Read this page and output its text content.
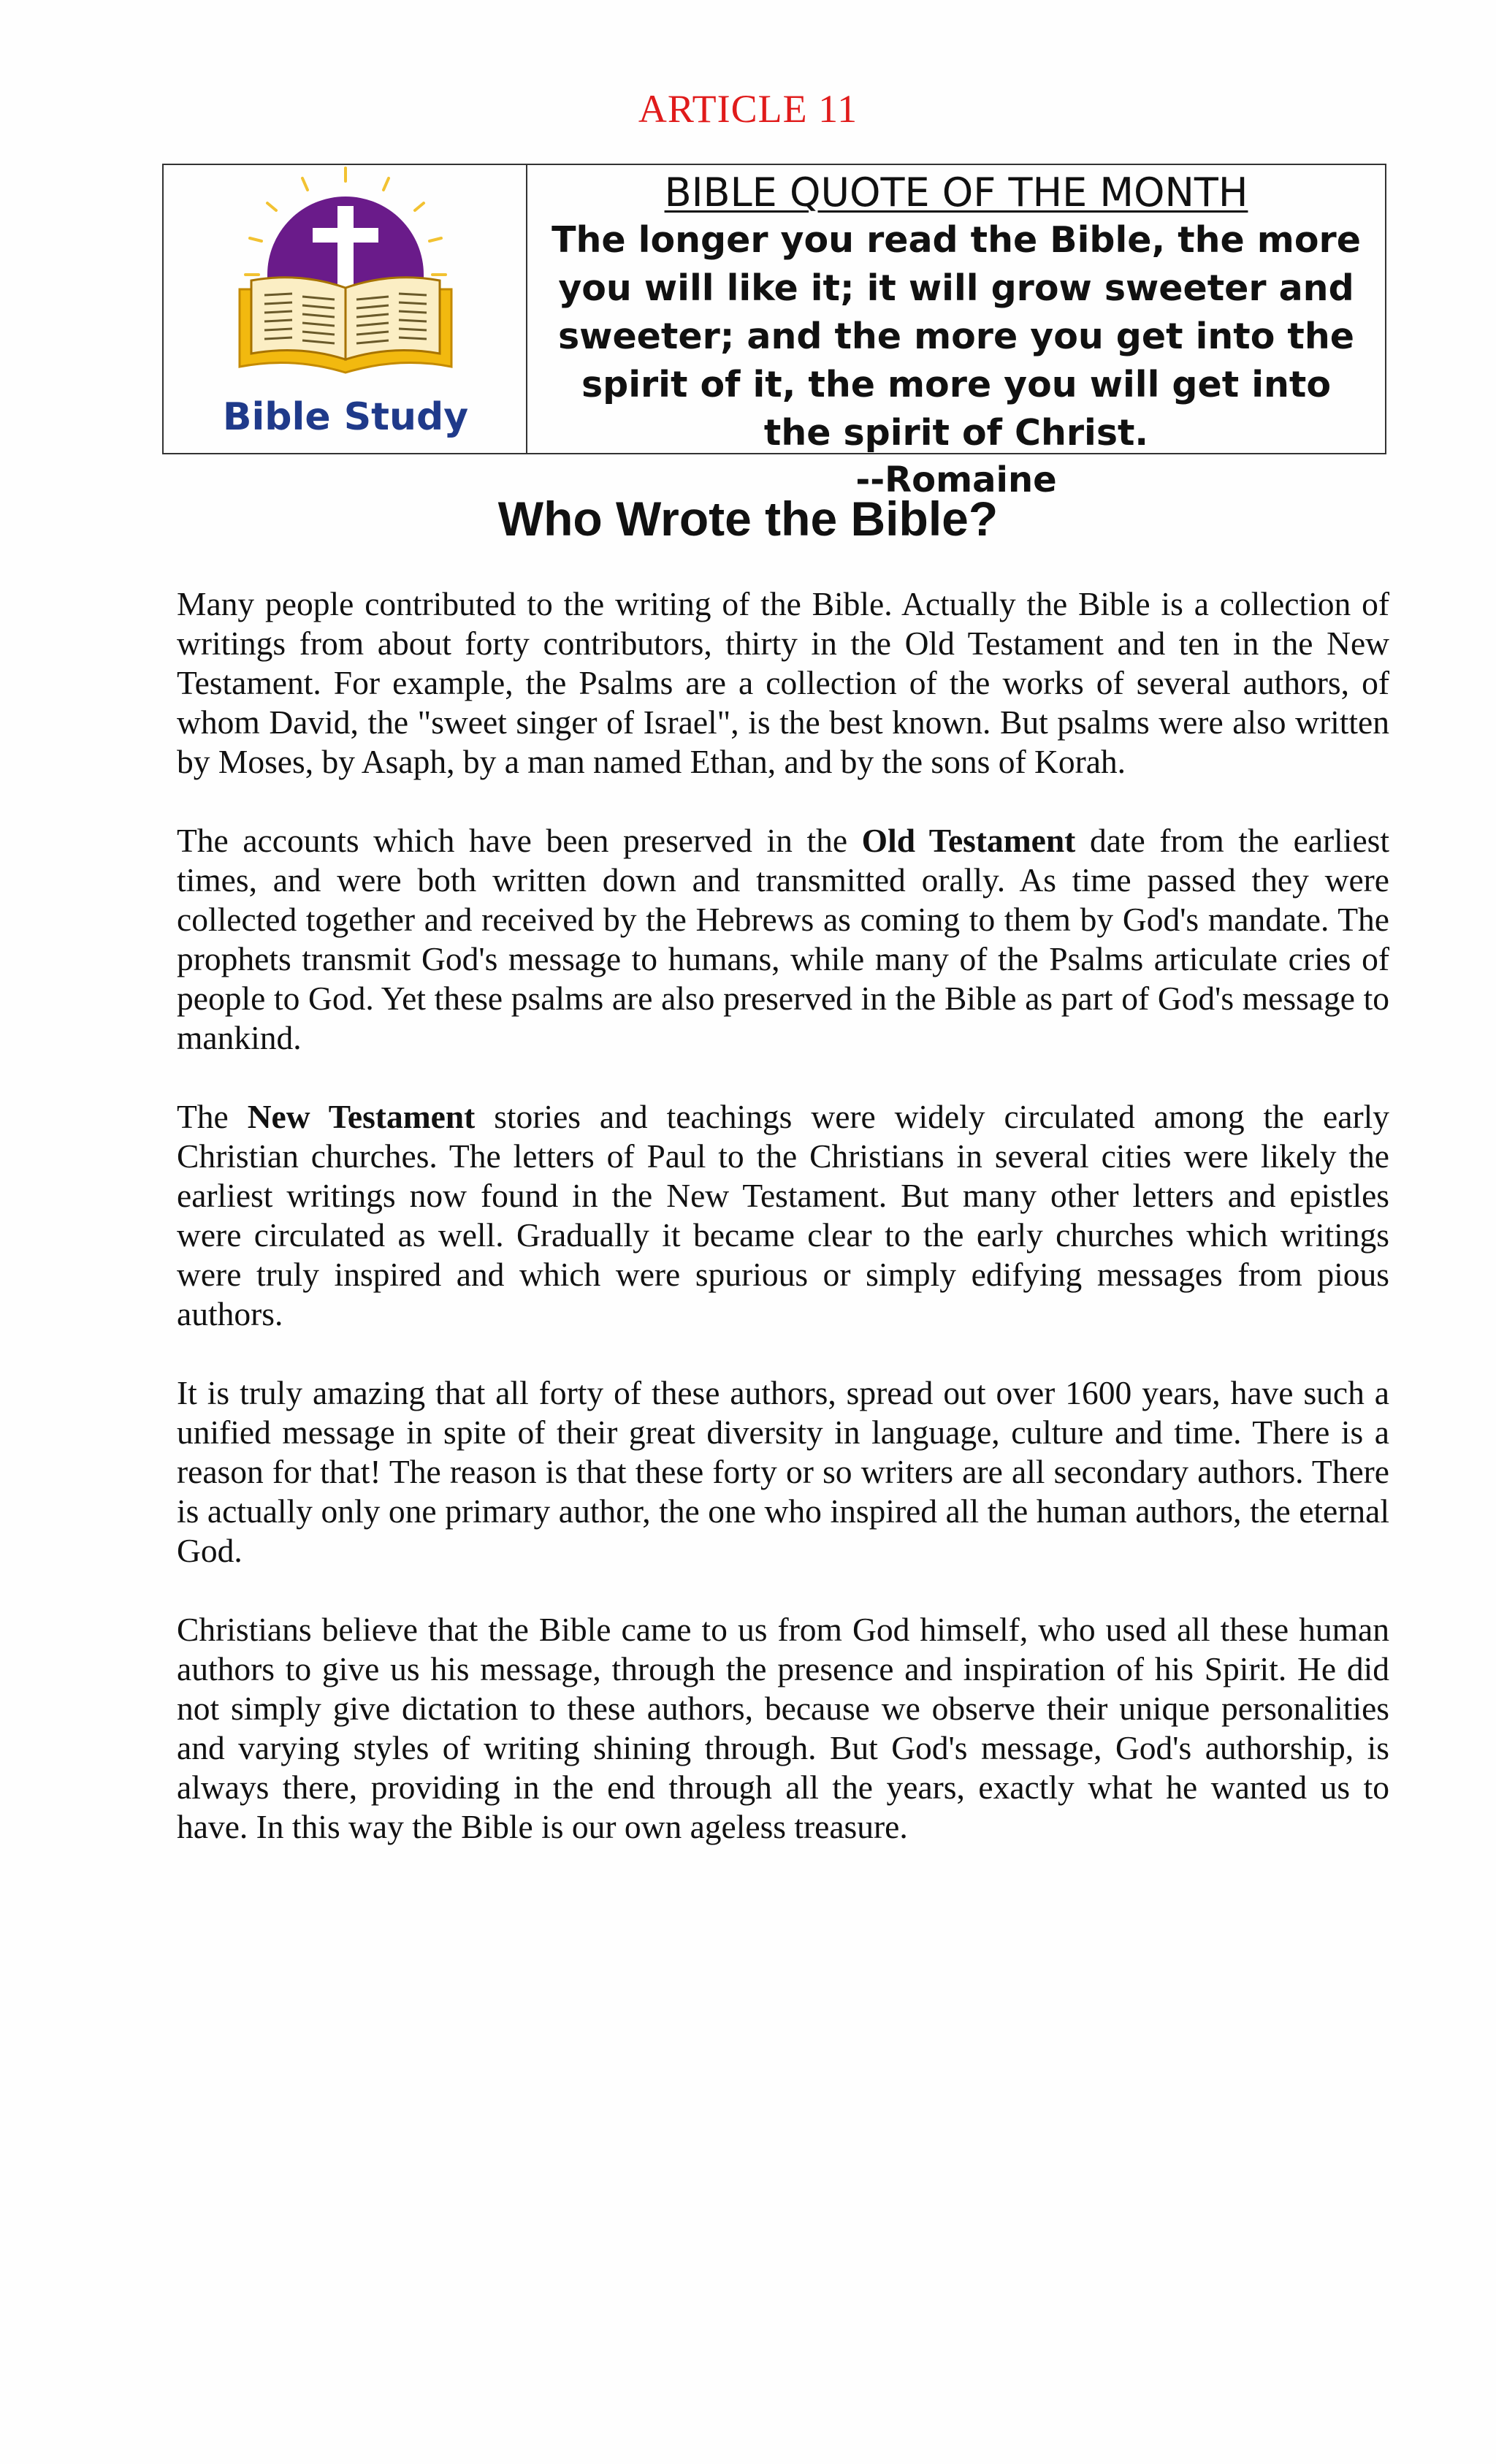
ARTICLE 11
Bible Study

BIBLE QUOTE OF THE MONTH

The longer you read the Bible, the more you will like it; it will grow sweeter and sweeter; and the more you get into the spirit of it, the more you will get into the spirit of Christ.

--Romaine

Who Wrote the Bible?

Many people contributed to the writing of the Bible. Actually the Bible is a collection of writings from about forty contributors, thirty in the Old Testament and ten in the New Testament. For example, the Psalms are a collection of the works of several authors, of whom David, the "sweet singer of Israel", is the best known. But psalms were also written by Moses, by Asaph, by a man named Ethan, and by the sons of Korah.

The accounts which have been preserved in the Old Testament date from the earliest times, and were both written down and transmitted orally. As time passed they were collected together and received by the Hebrews as coming to them by God's mandate. The prophets transmit God's message to humans, while many of the Psalms articulate cries of people to God. Yet these psalms are also preserved in the Bible as part of God's message to mankind.

The New Testament stories and teachings were widely circulated among the early Christian churches. The letters of Paul to the Christians in several cities were likely the earliest writings now found in the New Testament. But many other letters and epistles were circulated as well. Gradually it became clear to the early churches which writings were truly inspired and which were spurious or simply edifying messages from pious authors.

It is truly amazing that all forty of these authors, spread out over 1600 years, have such a unified message in spite of their great diversity in language, culture and time. There is a reason for that! The reason is that these forty or so writers are all secondary authors. There is actually only one primary author, the one who inspired all the human authors, the eternal God.

Christians believe that the Bible came to us from God himself, who used all these human authors to give us his message, through the presence and inspiration of his Spirit. He did not simply give dictation to these authors, because we observe their unique personalities and varying styles of writing shining through. But God's message, God's authorship, is always there, providing in the end through all the years, exactly what he wanted us to have. In this way the Bible is our own ageless treasure.
